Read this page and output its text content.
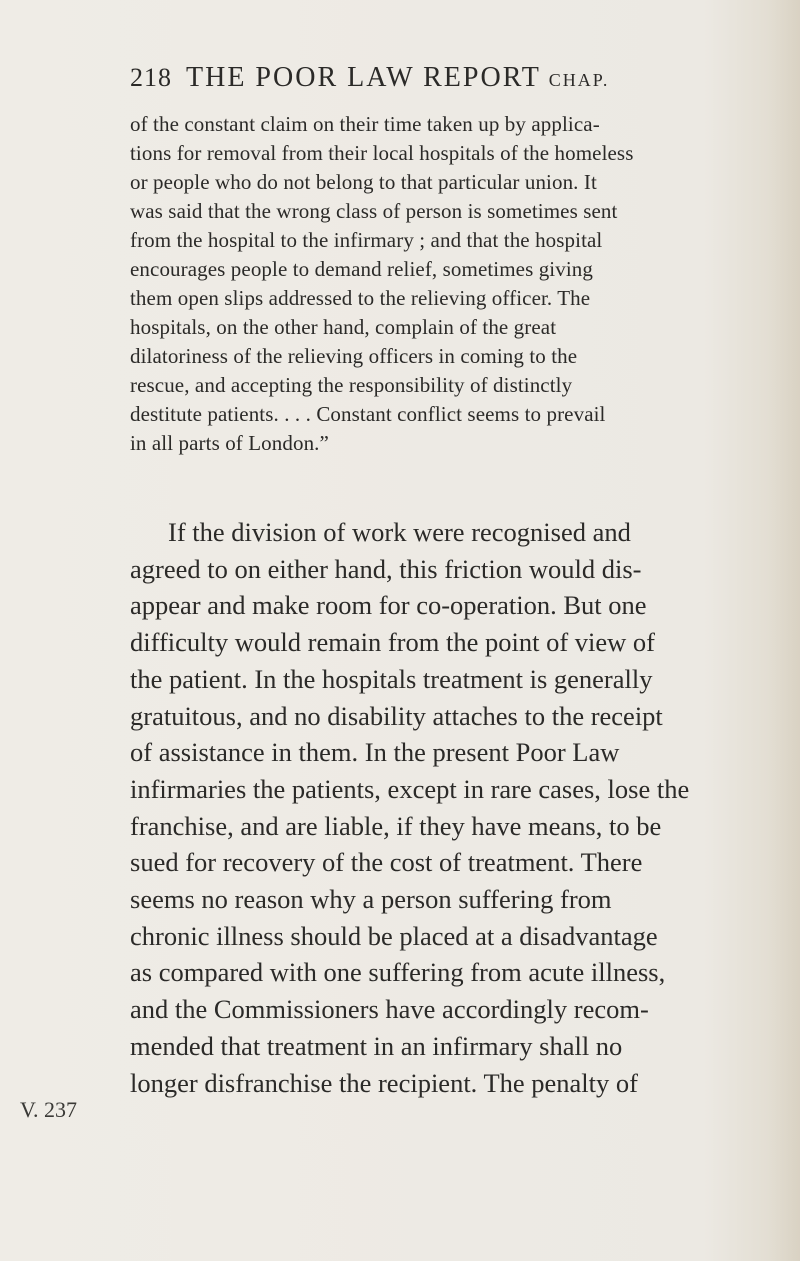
218 THE POOR LAW REPORT CHAP.
of the constant claim on their time taken up by applica-
tions for removal from their local hospitals of the homeless
or people who do not belong to that particular union. It
was said that the wrong class of person is sometimes sent
from the hospital to the infirmary ; and that the hospital
encourages people to demand relief, sometimes giving
them open slips addressed to the relieving officer. The
hospitals, on the other hand, complain of the great
dilatoriness of the relieving officers in coming to the
rescue, and accepting the responsibility of distinctly
destitute patients. . . . Constant conflict seems to prevail
in all parts of London.”
If the division of work were recognised and
agreed to on either hand, this friction would dis-
appear and make room for co-operation. But one
difficulty would remain from the point of view of
the patient. In the hospitals treatment is generally
gratuitous, and no disability attaches to the receipt
of assistance in them. In the present Poor Law
infirmaries the patients, except in rare cases, lose the
franchise, and are liable, if they have means, to be
sued for recovery of the cost of treatment. There
seems no reason why a person suffering from
chronic illness should be placed at a disadvantage
as compared with one suffering from acute illness,
and the Commissioners have accordingly recom-
mended that treatment in an infirmary shall no
longer disfranchise the recipient. The penalty of
V. 237
